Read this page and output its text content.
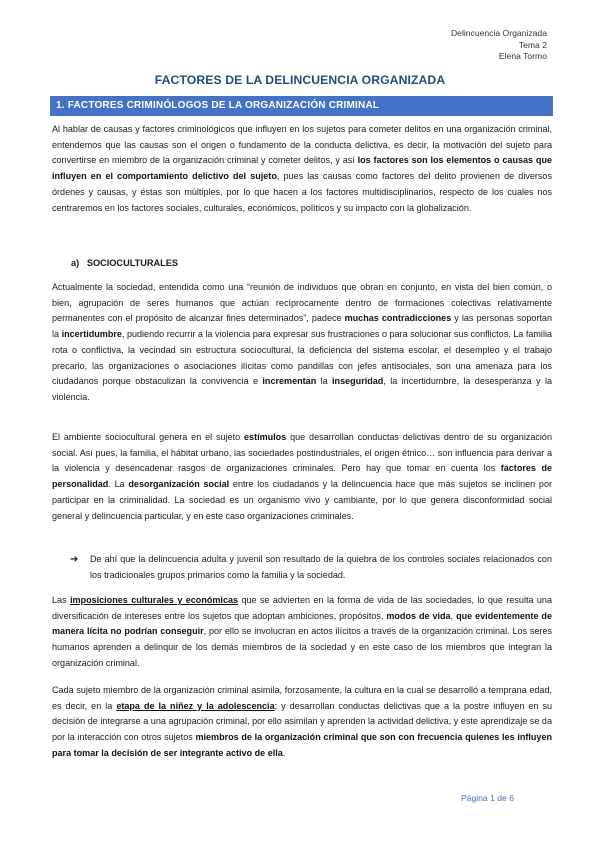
Delincuencia Organizada
Tema 2
Elena Tormo
FACTORES DE LA DELINCUENCIA ORGANIZADA
1. FACTORES CRIMINÓLOGOS DE LA ORGANIZACIÓN CRIMINAL
Al hablar de causas y factores criminológicos que influyen en los sujetos para cometer delitos en una organización criminal, entendemos que las causas son el origen o fundamento de la conducta delictiva, es decir, la motivación del sujeto para convertirse en miembro de la organización criminal y cometer delitos, y así los factores son los elementos o causas que influyen en el comportamiento delictivo del sujeto, pues las causas como factores del delito provienen de diversos órdenes y causas, y éstas son múltiples, por lo que hacen a los factores multidisciplinarios, respecto de los cuales nos centraremos en los factores sociales, culturales, económicos, políticos y su impacto con la globalización.
a)   SOCIOCULTURALES
Actualmente la sociedad, entendida como una “reunión de individuos que obran en conjunto, en vista del bien común, o bien, agrupación de seres humanos que actúan recíprocamente dentro de formaciones colectivas relativamente permanentes con el propósito de alcanzar fines determinados”, padece muchas contradicciones y las personas soportan la incertidumbre, pudiendo recurrir a la violencia para expresar sus frustraciones o para solucionar sus conflictos. La familia rota o conflictiva, la vecindad sin estructura sociocultural, la deficiencia del sistema escolar, el desempleo y el trabajo precario, las organizaciones o asociaciones ilícitas como pandillas con jefes antisociales, son una amenaza para los ciudadanos porque obstaculizan la convivencia e incrementan la inseguridad, la incertidumbre, la desesperanza y la violencia.
El ambiente sociocultural genera en el sujeto estímulos que desarrollan conductas delictivas dentro de su organización social. Así pues, la familia, el hábitat urbano, las sociedades postindustriales, el origen étnico… son influencia para derivar a la violencia y desencadenar rasgos de organizaciones criminales. Pero hay que tomar en cuenta los factores de personalidad. La desorganización social entre los ciudadanos y la delincuencia hace que más sujetos se inclinen por participar en la criminalidad. La sociedad es un organismo vivo y cambiante, por lo que genera disconformidad social general y delincuencia particular, y en este caso organizaciones criminales.
➔ De ahí que la delincuencia adulta y juvenil son resultado de la quiebra de los controles sociales relacionados con los tradicionales grupos primarios como la familia y la sociedad.
Las imposiciones culturales y económicas que se advierten en la forma de vida de las sociedades, lo que resulta una diversificación de intereses entre los sujetos que adoptan ambiciones, propósitos, modos de vida, que evidentemente de manera lícita no podrían conseguir, por ello se involucran en actos ilícitos a través de la organización criminal. Los seres humanos aprenden a delinquir de los demás miembros de la sociedad y en este caso de los miembros que integran la organización criminal.
Cada sujeto miembro de la organización criminal asimila, forzosamente, la cultura en la cual se desarrolló a temprana edad, es decir, en la etapa de la niñez y la adolescencia; y desarrollan conductas delictivas que a la postre influyen en su decisión de integrarse a una agrupación criminal, por ello asimilan y aprenden la actividad delictiva, y este aprendizaje se da por la interacción con otros sujetos miembros de la organización criminal que son con frecuencia quienes les influyen para tomar la decisión de ser integrante activo de ella.
Página 1 de 6
